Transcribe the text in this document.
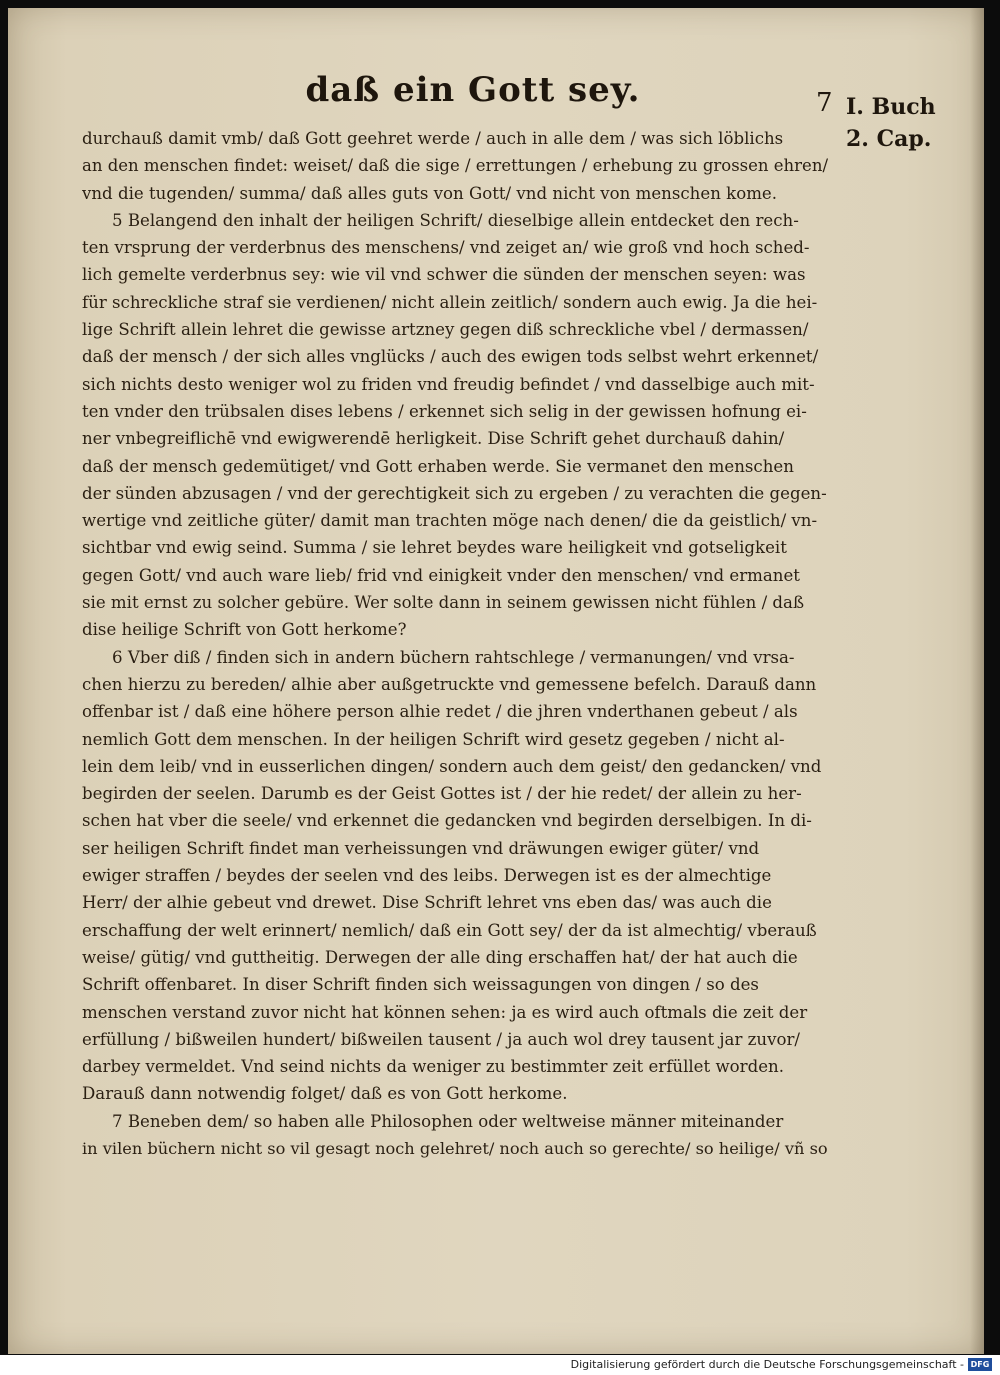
daß ein Gott sey.	7 I. Buch
2. Cap.
durchauß damit vmb/ daß Gott geehret werde / auch in alle dem / was sich löblichs
an den menschen findet: weiset/ daß die sige / errettungen / erhebung zu grossen ehren/
vnd die tugenden/ summa/ daß alles guts von Gott/ vnd nicht von menschen kome.
5 Belangend den inhalt der heiligen Schrift/ dieselbige allein entdecket den rech-
ten vrsprung der verderbnus des menschens/ vnd zeiget an/ wie groß vnd hoch sched-
lich gemelte verderbnus sey: wie vil vnd schwer die sünden der menschen seyen: was
für schreckliche straf sie verdienen/ nicht allein zeitlich/ sondern auch ewig. Ja die hei-
lige Schrift allein lehret die gewisse artzney gegen diß schreckliche vbel / dermassen/
daß der mensch / der sich alles vnglücks / auch des ewigen tods selbst wehrt erkennet/
sich nichts desto weniger wol zu friden vnd freudig befindet / vnd dasselbige auch mit-
ten vnder den trübsalen dises lebens / erkennet sich selig in der gewissen hofnung ei-
ner vnbegreiflichē vnd ewigwerendē herligkeit. Dise Schrift gehet durchauß dahin/
daß der mensch gedemütiget/ vnd Gott erhaben werde. Sie vermanet den menschen
der sünden abzusagen / vnd der gerechtigkeit sich zu ergeben / zu verachten die gegen-
wertige vnd zeitliche güter/ damit man trachten möge nach denen/ die da geistlich/ vn-
sichtbar vnd ewig seind. Summa / sie lehret beydes ware heiligkeit vnd gotseligkeit
gegen Gott/ vnd auch ware lieb/ frid vnd einigkeit vnder den menschen/ vnd ermanet
sie mit ernst zu solcher gebüre. Wer solte dann in seinem gewissen nicht fühlen / daß
dise heilige Schrift von Gott herkome?
6 Vber diß / finden sich in andern büchern rahtschlege / vermanungen/ vnd vrsa-
chen hierzu zu bereden/ alhie aber außgetruckte vnd gemessene befelch. Darauß dann
offenbar ist / daß eine höhere person alhie redet / die jhren vnderthanen gebeut / als
nemlich Gott dem menschen. In der heiligen Schrift wird gesetz gegeben / nicht al-
lein dem leib/ vnd in eusserlichen dingen/ sondern auch dem geist/ den gedancken/ vnd
begirden der seelen. Darumb es der Geist Gottes ist / der hie redet/ der allein zu her-
schen hat vber die seele/ vnd erkennet die gedancken vnd begirden derselbigen. In di-
ser heiligen Schrift findet man verheissungen vnd dräwungen ewiger güter/ vnd
ewiger straffen / beydes der seelen vnd des leibs. Derwegen ist es der almechtige
Herr/ der alhie gebeut vnd drewet. Dise Schrift lehret vns eben das/ was auch die
erschaffung der welt erinnert/ nemlich/ daß ein Gott sey/ der da ist almechtig/ vberauß
weise/ gütig/ vnd guttheitig. Derwegen der alle ding erschaffen hat/ der hat auch die
Schrift offenbaret. In diser Schrift finden sich weissagungen von dingen / so des
menschen verstand zuvor nicht hat können sehen: ja es wird auch oftmals die zeit der
erfüllung / bißweilen hundert/ bißweilen tausent / ja auch wol drey tausent jar zuvor/
darbey vermeldet. Vnd seind nichts da weniger zu bestimmter zeit erfüllet worden.
Darauß dann notwendig folget/ daß es von Gott herkome.
7 Beneben dem/ so haben alle Philosophen oder weltweise männer miteinander
in vilen büchern nicht so vil gesagt noch gelehret/ noch auch so gerechte/ so heilige/ vñ so
Digitalisierung gefördert durch die Deutsche Forschungsgemeinschaft - DFG
